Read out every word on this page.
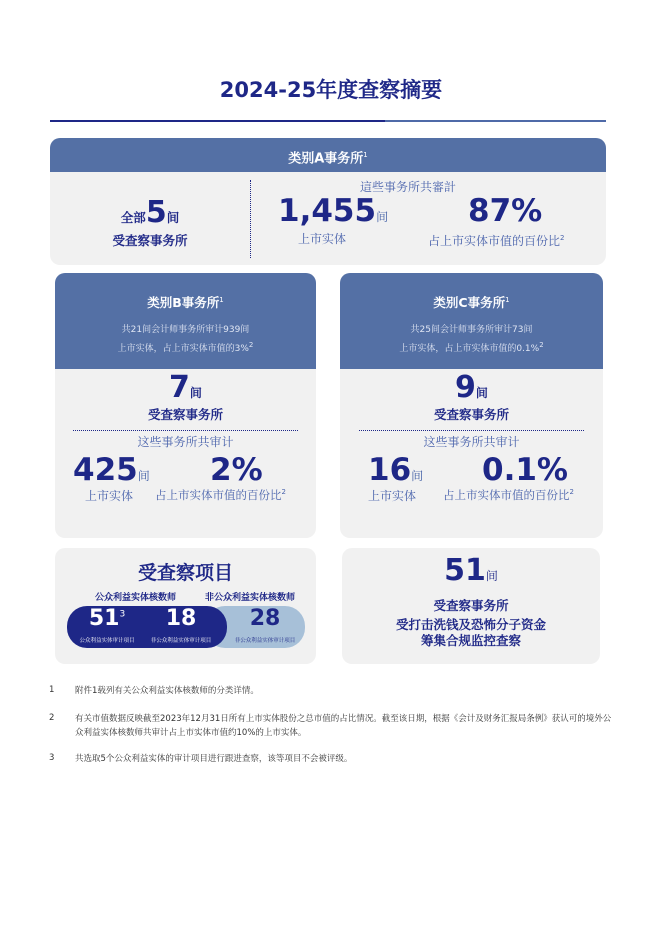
2024-25年度查察摘要
类别A事务所$^1$
全部5间
受查察事务所
這些事务所共審計
1,455间
上市实体
87%
占上市实体市值的百份比$^2$
类别B事务所$^1$
共21间会计师事务所审计939间
上市实体，占上市实体市值的3%$^2$
7间
受查察事务所
这些事务所共审计
425间
上市实体
2%
占上市实体市值的百份比$^2$
类别C事务所$^1$
共25间会计师事务所审计73间
上市实体，占上市实体市值的0.1%$^2$
9间
受查察事务所
这些事务所共审计
16间
上市实体
0.1%
占上市实体市值的百份比$^2$
受查察项目
公众利益实体核数师	非公众利益实体核数师
$51^3$
公众利益实体审计项目
18
非公众利益实体审计项目
28
非公众利益实体审计项目
51间
受查察事务所
受打击洗钱及恐怖分子资金
筹集合规监控查察
1 附件1载列有关公众利益实体核数师的分类详情。
2 有关市值数据反映截至2023年12月31日所有上市实体股份之总市值的占比情况。截至该日期，根据《会计及财务汇报局条例》获认可的境外公众利益实体核数师共审计占上市实体市值约10%的上市实体。
3 共选取5个公众利益实体的审计项目进行跟进查察，该等项目不会被评级。
